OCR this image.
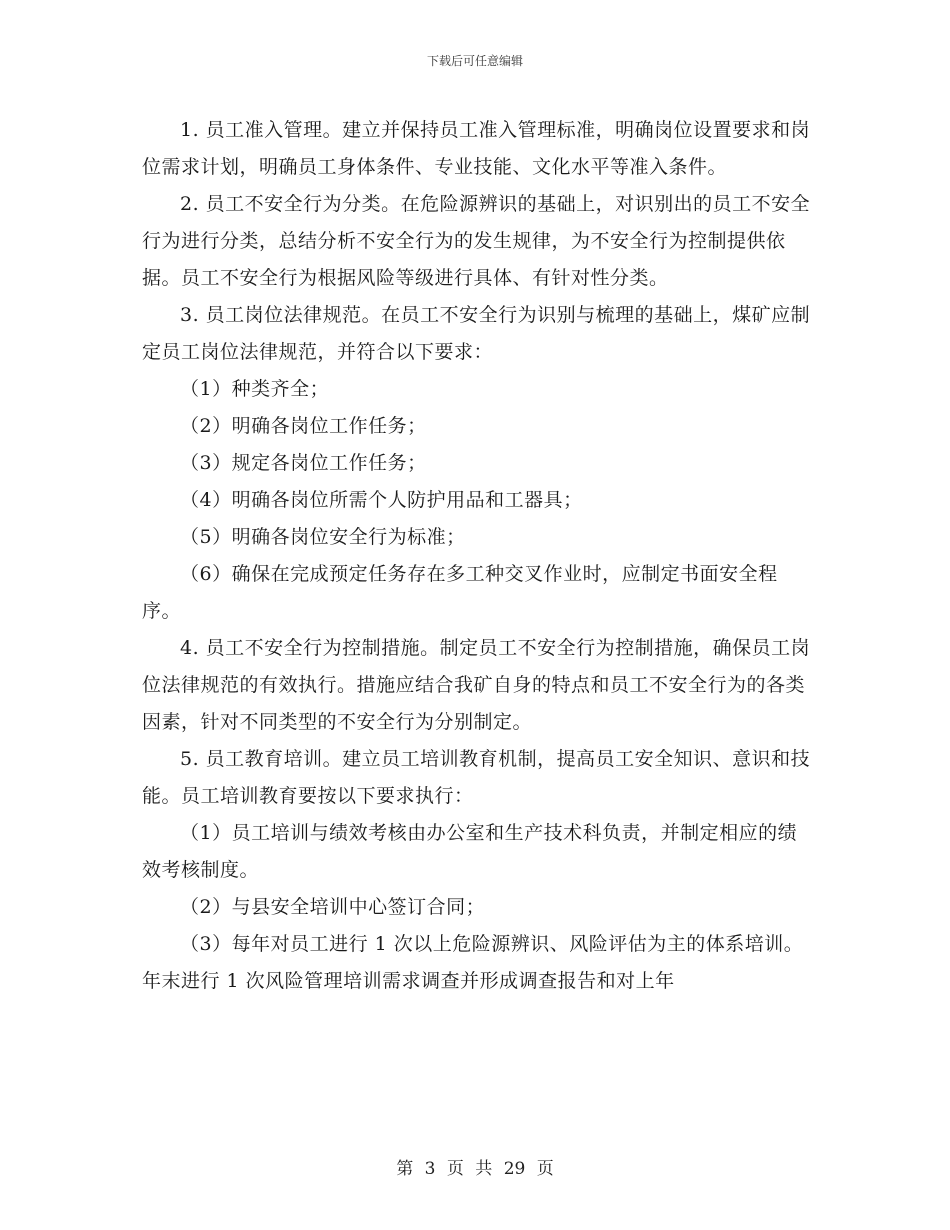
下载后可任意编辑

1. 员工准入管理。建立并保持员工准入管理标准，明确岗位设置要求和岗位需求计划，明确员工身体条件、专业技能、文化水平等准入条件。

2. 员工不安全行为分类。在危险源辨识的基础上，对识别出的员工不安全行为进行分类，总结分析不安全行为的发生规律，为不安全行为控制提供依据。员工不安全行为根据风险等级进行具体、有针对性分类。

3. 员工岗位法律规范。在员工不安全行为识别与梳理的基础上，煤矿应制定员工岗位法律规范，并符合以下要求：

（1）种类齐全；

（2）明确各岗位工作任务；

（3）规定各岗位工作任务；

（4）明确各岗位所需个人防护用品和工器具；

（5）明确各岗位安全行为标准；

（6）确保在完成预定任务存在多工种交叉作业时，应制定书面安全程序。

4. 员工不安全行为控制措施。制定员工不安全行为控制措施，确保员工岗位法律规范的有效执行。措施应结合我矿自身的特点和员工不安全行为的各类因素，针对不同类型的不安全行为分别制定。

5. 员工教育培训。建立员工培训教育机制，提高员工安全知识、意识和技能。员工培训教育要按以下要求执行：

（1）员工培训与绩效考核由办公室和生产技术科负责，并制定相应的绩效考核制度。

（2）与县安全培训中心签订合同；

（3）每年对员工进行 1 次以上危险源辨识、风险评估为主的体系培训。年末进行 1 次风险管理培训需求调查并形成调查报告和对上年

第 3 页 共 29 页
